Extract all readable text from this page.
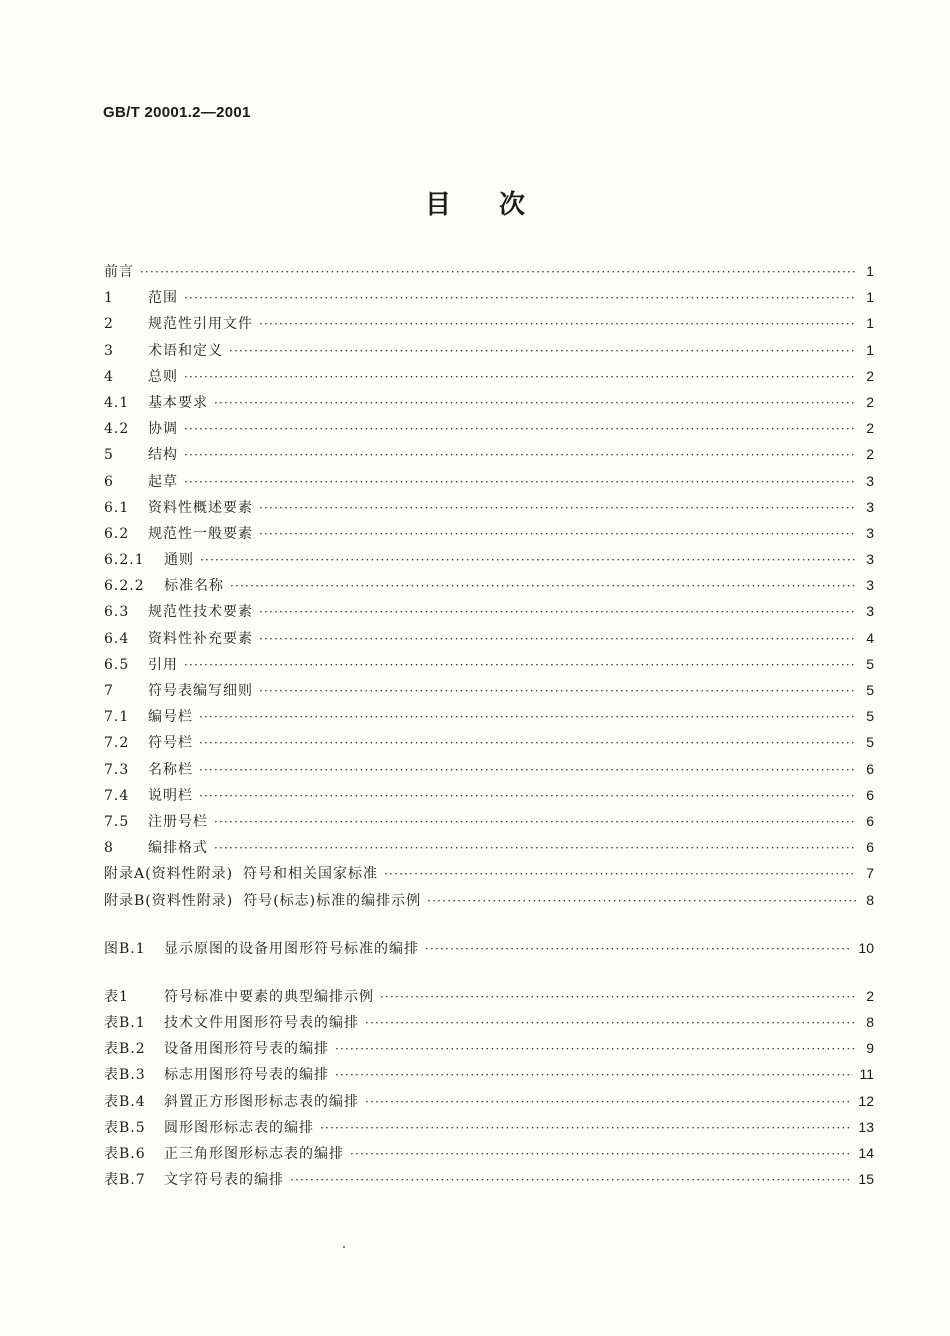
GB/T 20001.2—2001
目 次
前言 ·····	1
1 范围 ·····	1
2 规范性引用文件 ·····	1
3 术语和定义 ·····	1
4 总则 ·····	2
4.1 基本要求 ·····	2
4.2 协调 ·····	2
5 结构 ·····	2
6 起草 ·····	3
6.1 资料性概述要素 ·····	3
6.2 规范性一般要素 ·····	3
6.2.1 通则 ·····	3
6.2.2 标准名称 ·····	3
6.3 规范性技术要素 ·····	3
6.4 资料性补充要素 ·····	4
6.5 引用 ·····	5
7 符号表编写细则 ·····	5
7.1 编号栏 ·····	5
7.2 符号栏 ·····	5
7.3 名称栏 ·····	6
7.4 说明栏 ·····	6
7.5 注册号栏 ·····	6
8 编排格式 ·····	6
附录A(资料性附录) 符号和相关国家标准 ·····	7
附录B(资料性附录) 符号(标志)标准的编排示例 ·····	8
图B.1 显示原图的设备用图形符号标准的编排 ·····	10
表1	符号标准中要素的典型编排示例 ·····	2
表B.1 技术文件用图形符号表的编排 ·····	8
表B.2 设备用图形符号表的编排 ·····	9
表B.3 标志用图形符号表的编排 ·····	11
表B.4 斜置正方形图形标志表的编排 ·····	12
表B.5 圆形图形标志表的编排 ·····	13
表B.6 正三角形图形标志表的编排 ·····	14
表B.7 文字符号表的编排 ·····	15
